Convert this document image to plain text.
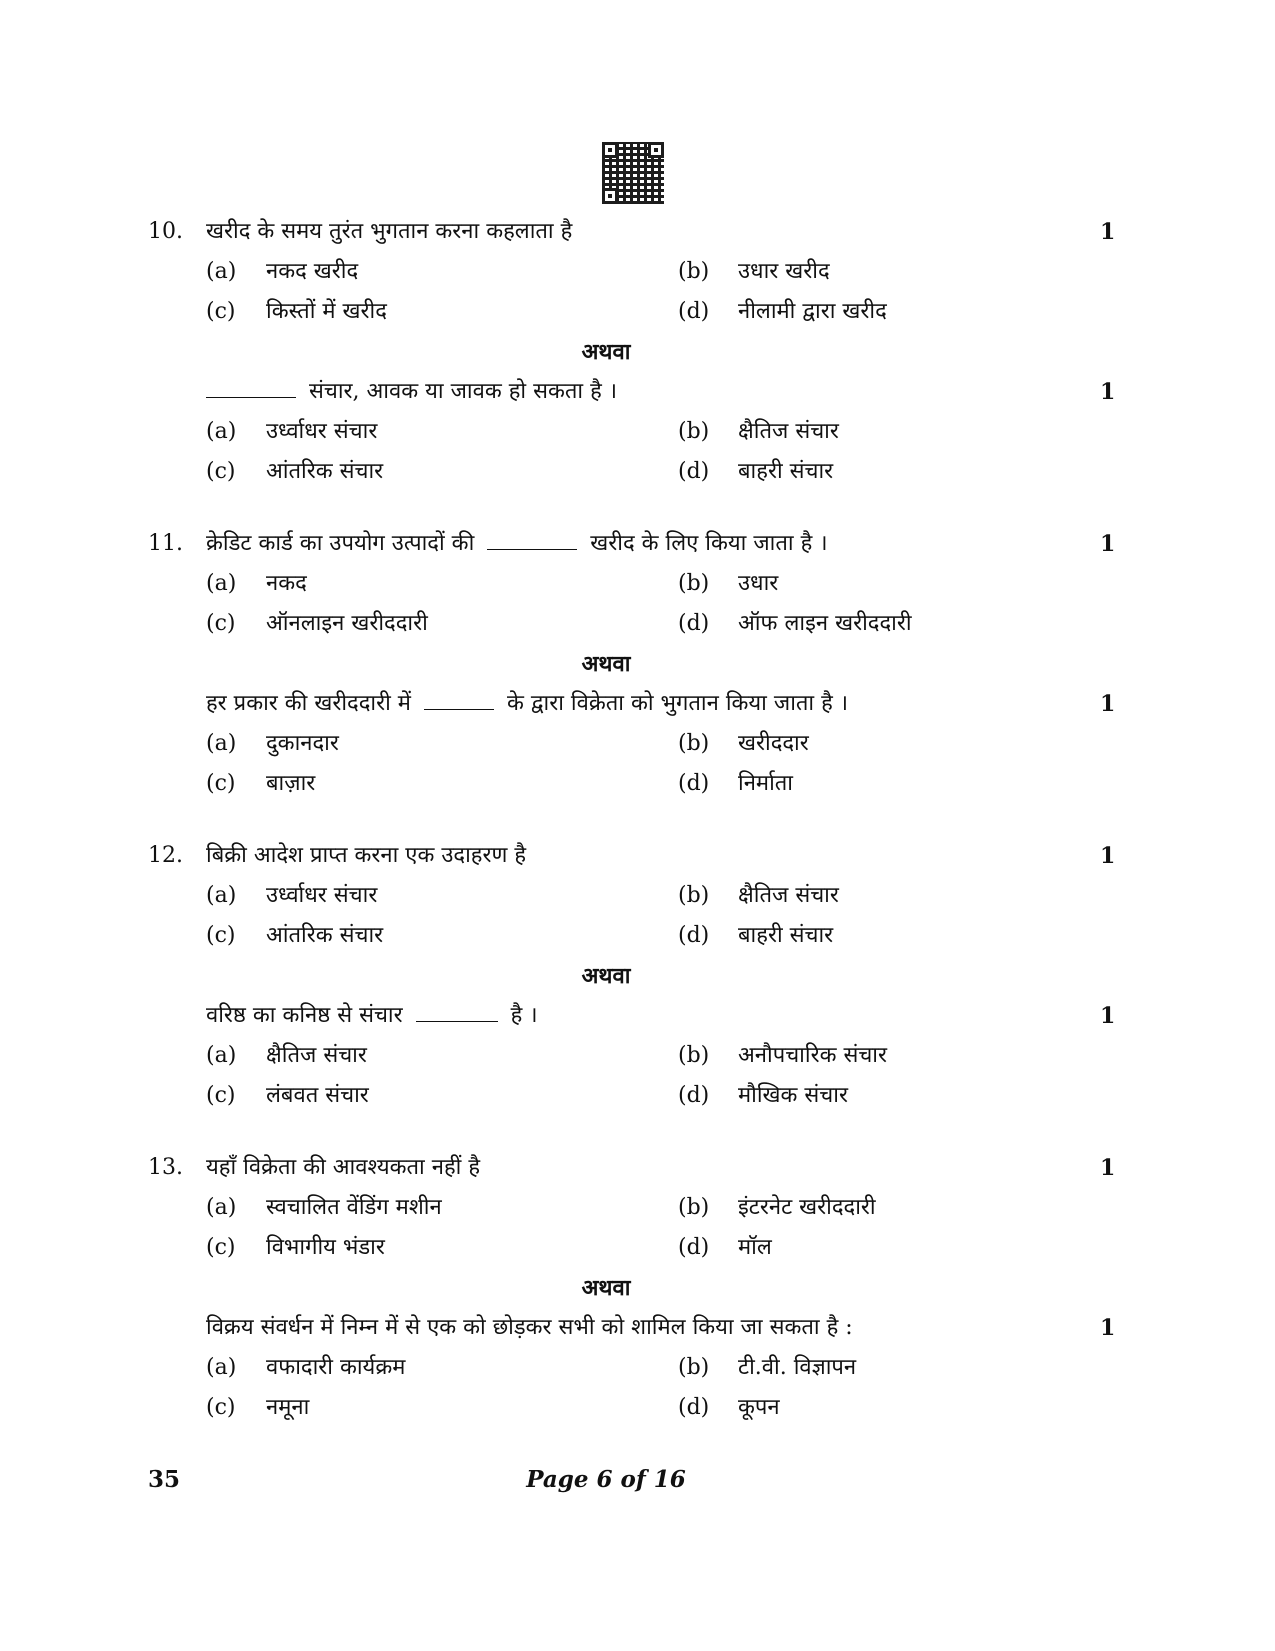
10. खरीद के समय तुरंत भुगतान करना कहलाता है	1
(a) नकद खरीद	(b) उधार खरीद
(c) किस्तों में खरीद	(d) नीलामी द्वारा खरीद
अथवा
संचार, आवक या जावक हो सकता है ।	1
(a) उर्ध्वाधर संचार	(b) क्षैतिज संचार
(c) आंतरिक संचार	(d) बाहरी संचार
11. क्रेडिट कार्ड का उपयोग उत्पादों की	खरीद के लिए किया जाता है ।	1
(a) नकद	(b) उधार
(c) ऑनलाइन खरीददारी	(d) ऑफ लाइन खरीददारी
अथवा
हर प्रकार की खरीददारी में	के द्वारा विक्रेता को भुगतान किया जाता है ।	1
(a) दुकानदार	(b) खरीददार
(c) बाज़ार	(d) निर्माता
12. बिक्री आदेश प्राप्त करना एक उदाहरण है	1
(a) उर्ध्वाधर संचार	(b) क्षैतिज संचार
(c) आंतरिक संचार	(d) बाहरी संचार
अथवा
वरिष्ठ का कनिष्ठ से संचार	है ।	1
(a) क्षैतिज संचार	(b) अनौपचारिक संचार
(c) लंबवत संचार	(d) मौखिक संचार
13. यहाँ विक्रेता की आवश्यकता नहीं है	1
(a) स्वचालित वेंडिंग मशीन	(b) इंटरनेट खरीददारी
(c) विभागीय भंडार	(d) मॉल
अथवा
विक्रय संवर्धन में निम्न में से एक को छोड़कर सभी को शामिल किया जा सकता है :	1
(a) वफादारी कार्यक्रम	(b) टी.वी. विज्ञापन
(c) नमूना	(d) कूपन
35	Page 6 of 16
